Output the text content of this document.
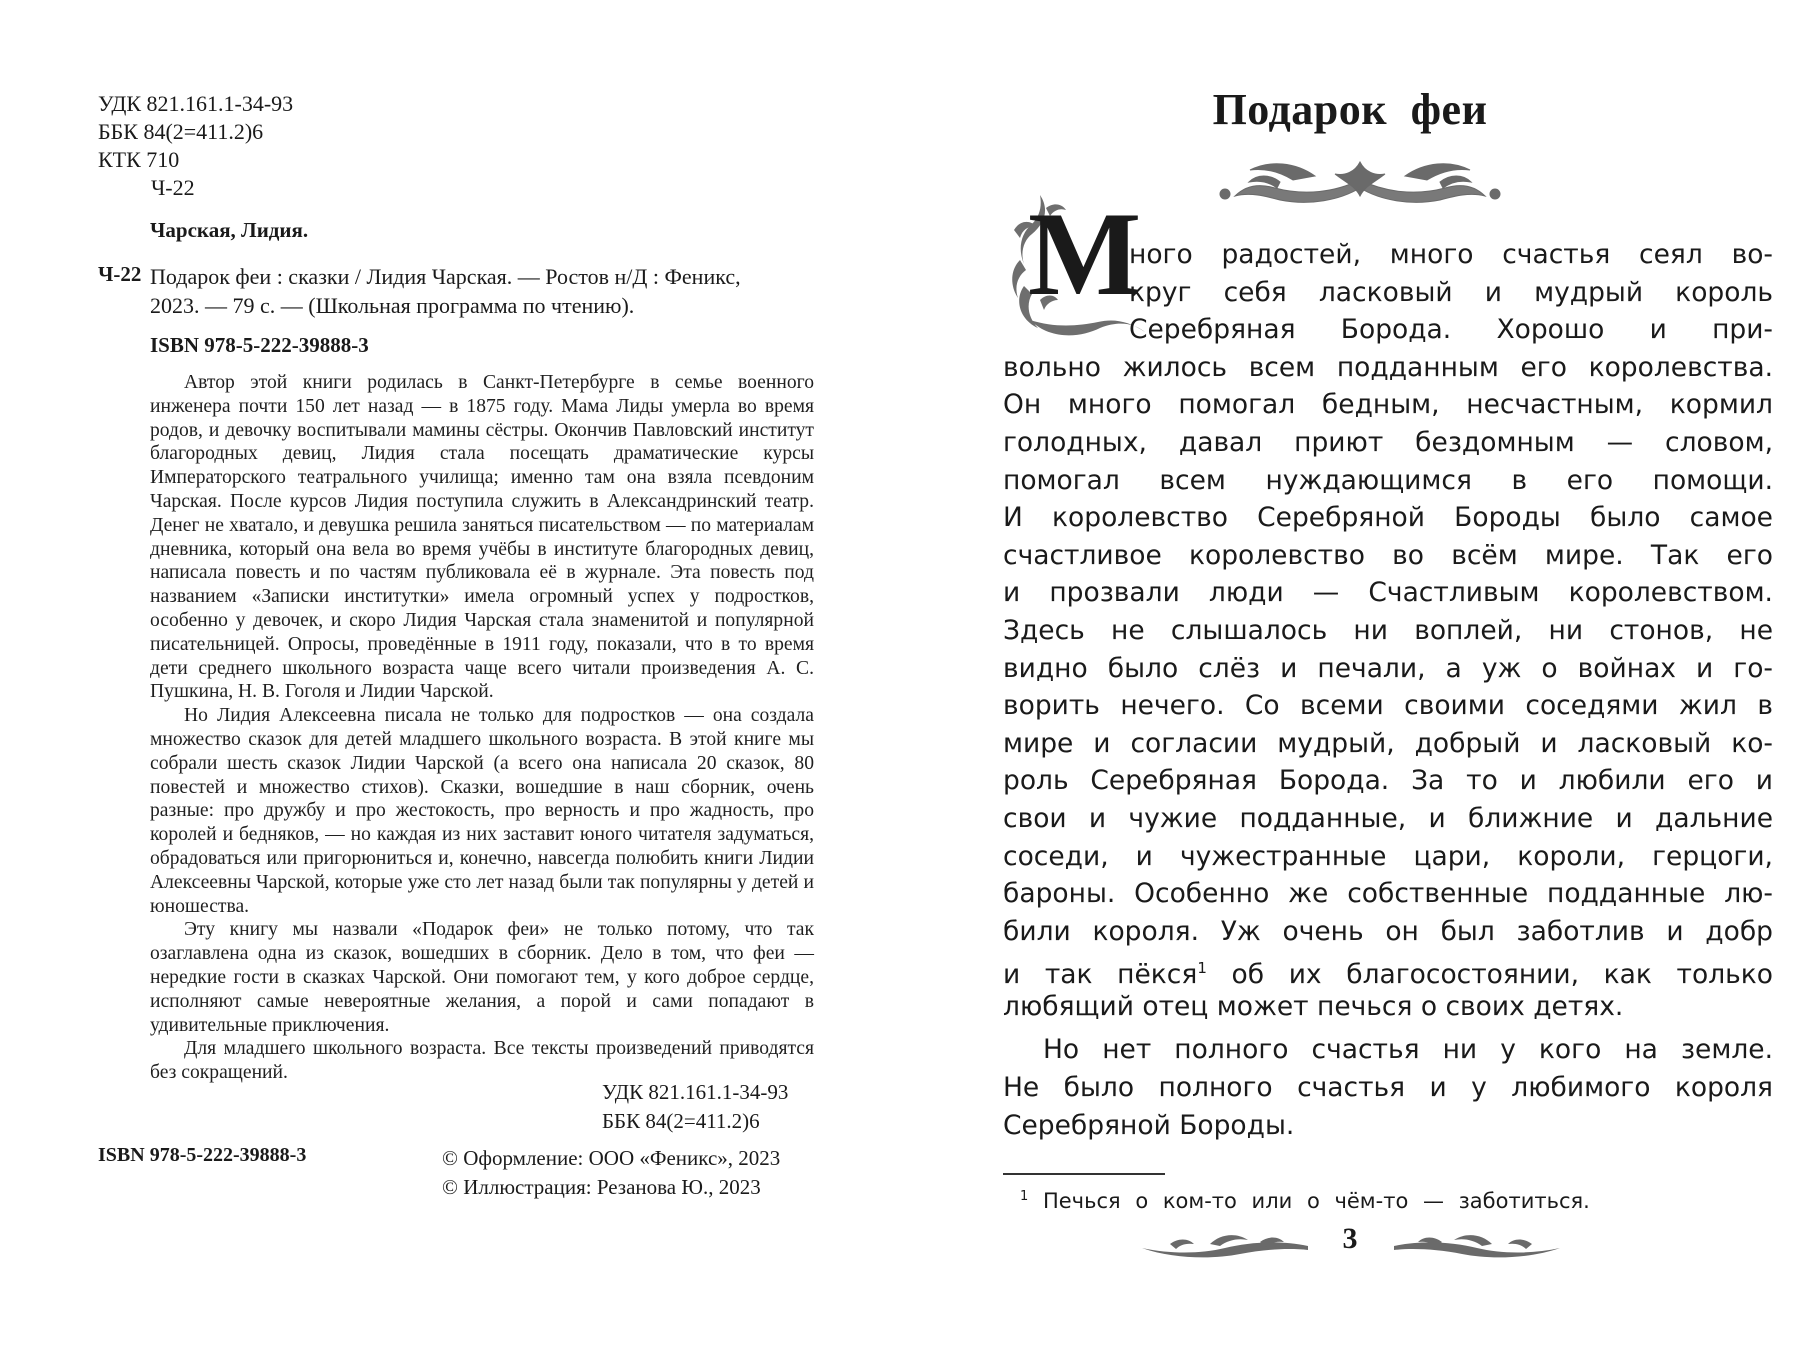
УДК 821.161.1-34-93
ББК 84(2=411.2)6
КТК 710
Ч-22
Чарская, Лидия.
Ч-22 Подарок феи : сказки / Лидия Чарская. — Ростов н/Д : Феникс,
2023. — 79 с. — (Школьная программа по чтению).
ISBN 978-5-222-39888-3

Автор этой книги родилась в Санкт-Петербурге в семье военного инженера почти 150 лет назад — в 1875 году. Мама Лиды умерла во время родов, и девочку воспитывали мамины сёстры. Окончив Павловский институт благородных девиц, Лидия стала посещать драматические курсы Императорского театрального училища; именно там она взяла псевдоним Чарская. После курсов Лидия поступила служить в Александринский театр. Денег не хватало, и девушка решила заняться писательством — по материалам дневника, который она вела во время учёбы в институте благородных девиц, написала повесть и по частям публиковала её в журнале. Эта повесть под названием «Записки институтки» имела огромный успех у подростков, особенно у девочек, и скоро Лидия Чарская стала знаменитой и популярной писательницей. Опросы, проведённые в 1911 году, показали, что в то время дети среднего школьного возраста чаще всего читали произведения А. С. Пушкина, Н. В. Гоголя и Лидии Чарской.

Но Лидия Алексеевна писала не только для подростков — она создала множество сказок для детей младшего школьного возраста. В этой книге мы собрали шесть сказок Лидии Чарской (а всего она написала 20 сказок, 80 повестей и множество стихов). Сказки, вошедшие в наш сборник, очень разные: про дружбу и про жестокость, про верность и про жадность, про королей и бедняков, — но каждая из них заставит юного читателя задуматься, обрадоваться или пригорюниться и, конечно, навсегда полюбить книги Лидии Алексеевны Чарской, которые уже сто лет назад были так популярны у детей и юношества.

Эту книгу мы назвали «Подарок феи» не только потому, что так озаглавлена одна из сказок, вошедших в сборник. Дело в том, что феи — нередкие гости в сказках Чарской. Они помогают тем, у кого доброе сердце, исполняют самые невероятные желания, а порой и сами попадают в удивительные приключения.

Для младшего школьного возраста. Все тексты произведений приводятся без сокращений.

УДК 821.161.1-34-93
ББК 84(2=411.2)6
ISBN 978-5-222-39888-3	© Оформление: ООО «Феникс», 2023
© Иллюстрация: Резанова Ю., 2023
Подарок феи
М
ного радостей, много счастья сеял во-
круг себя ласковый и мудрый король
Серебряная Борода. Хорошо и при-
вольно жилось всем подданным его королевства.
Он много помогал бедным, несчастным, кормил
голодных, давал приют бездомным — словом,
помогал всем нуждающимся в его помощи.
И королевство Серебряной Бороды было самое
счастливое королевство во всём мире. Так его
и прозвали люди — Счастливым королевством.
Здесь не слышалось ни воплей, ни стонов, не
видно было слёз и печали, а уж о войнах и го-
ворить нечего. Со всеми своими соседями жил в
мире и согласии мудрый, добрый и ласковый ко-
роль Серебряная Борода. За то и любили его и
свои и чужие подданные, и ближние и дальние
соседи, и чужестранные цари, короли, герцоги,
бароны. Особенно же собственные подданные лю-
били короля. Уж очень он был заботлив и добр
и так пёкся$^1$ об их благосостоянии, как только
любящий отец может печься о своих детях.
Но нет полного счастья ни у кого на земле.
Не было полного счастья и у любимого короля
Серебряной Бороды.
$^1$ Печься о ком-то или о чём-то — заботиться.
3
